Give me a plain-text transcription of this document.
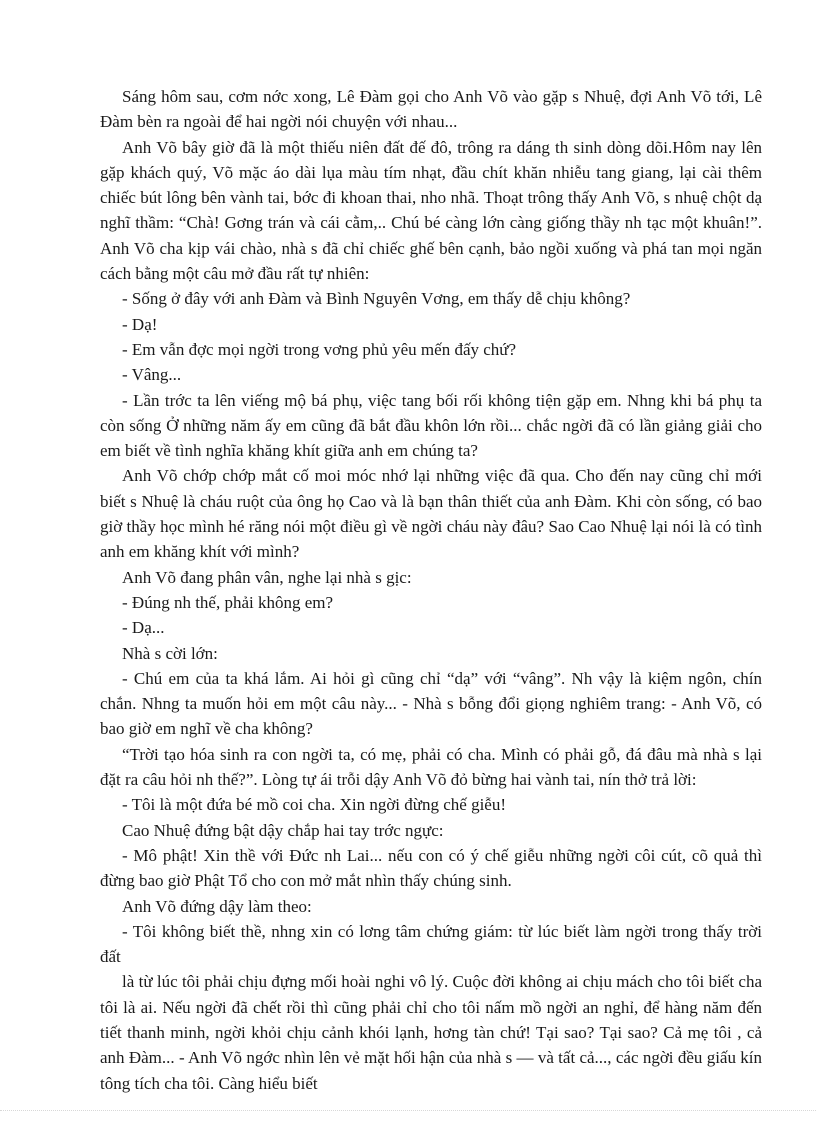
Sáng hôm sau, cơm nớc xong, Lê Đàm gọi cho Anh Võ vào gặp s Nhuệ, đợi Anh Võ tới, Lê Đàm bèn ra ngoài để hai ngời nói chuyện với nhau...

Anh Võ bây giờ đã là một thiếu niên đất đế đô, trông ra dáng th sinh dòng dõi.Hôm nay lên gặp khách quý, Võ mặc áo dài lụa màu tím nhạt, đầu chít khăn nhiễu tang giang, lại cài thêm chiếc bút lông bên vành tai, bớc đi khoan thai, nho nhã. Thoạt trông thấy Anh Võ, s nhuệ chột dạ nghĩ thầm: “Chà! Gơng trán và cái cằm,.. Chú bé càng lớn càng giống thầy nh tạc một khuân!”. Anh Võ cha kịp vái chào, nhà s đã chỉ chiếc ghế bên cạnh, bảo ngồi xuống và phá tan mọi ngăn cách bằng một câu mở đầu rất tự nhiên:

- Sống ở đây với anh Đàm và Bình Nguyên Vơng, em thấy dễ chịu không?

- Dạ!

- Em vẫn đợc mọi ngời trong vơng phủ yêu mến đấy chứ?

- Vâng...

- Lần trớc ta lên viếng mộ bá phụ, việc tang bối rối không tiện gặp em. Nhng khi bá phụ ta còn sống Ở những năm ấy em cũng đã bắt đầu khôn lớn rồi... chắc ngời đã có lần giảng giải cho em biết về tình nghĩa khăng khít giữa anh em chúng ta?

Anh Võ chớp chớp mắt cố moi móc nhớ lại những việc đã qua. Cho đến nay cũng chỉ mới biết s Nhuệ là cháu ruột của ông họ Cao và là bạn thân thiết của anh Đàm. Khi còn sống, có bao giờ thầy học mình hé răng nói một điều gì về ngời cháu này đâu? Sao Cao Nhuệ lại nói là có tình anh em khăng khít với mình?

Anh Võ đang phân vân, nghe lại nhà s gịc:

- Đúng nh thế, phải không em?

- Dạ...

Nhà s cời lớn:

- Chú em của ta khá lắm. Ai hỏi gì cũng chỉ “dạ” với “vâng”. Nh vậy là kiệm ngôn, chín chắn. Nhng ta muốn hỏi em một câu này... - Nhà s bỗng đổi giọng nghiêm trang: - Anh Võ, có bao giờ em nghĩ về cha không?

“Trời tạo hóa sinh ra con ngời ta, có mẹ, phải có cha. Mình có phải gỗ, đá đâu mà nhà s lại đặt ra câu hỏi nh thế?”. Lòng tự ái trỗi dậy Anh Võ đỏ bừng hai vành tai, nín thở trả lời:

- Tôi là một đứa bé mồ coi cha. Xin ngời đừng chế giễu!

Cao Nhuệ đứng bật dậy chắp hai tay trớc ngực:

- Mô phật! Xin thề với Đức nh Lai... nếu con có ý chế giễu những ngời côi cút, cõ quả thì đừng bao giờ Phật Tổ cho con mở mắt nhìn thấy chúng sinh.

Anh Võ đứng dậy làm theo:

- Tôi không biết thề, nhng xin có lơng tâm chứng giám: từ lúc biết làm ngời trong thấy trời đất

là từ lúc tôi phải chịu đựng mối hoài nghi vô lý. Cuộc đời không ai chịu mách cho tôi biết cha tôi là ai. Nếu ngời đã chết rồi thì cũng phải chỉ cho tôi nấm mồ ngời an nghỉ, để hàng năm đến tiết thanh minh, ngời khỏi chịu cảnh khói lạnh, hơng tàn chứ! Tại sao? Tại sao? Cả mẹ tôi , cả anh Đàm... - Anh Võ ngớc nhìn lên vẻ mặt hối hận của nhà s — và tất cả..., các ngời đều giấu kín tông tích cha tôi. Càng hiểu biết
